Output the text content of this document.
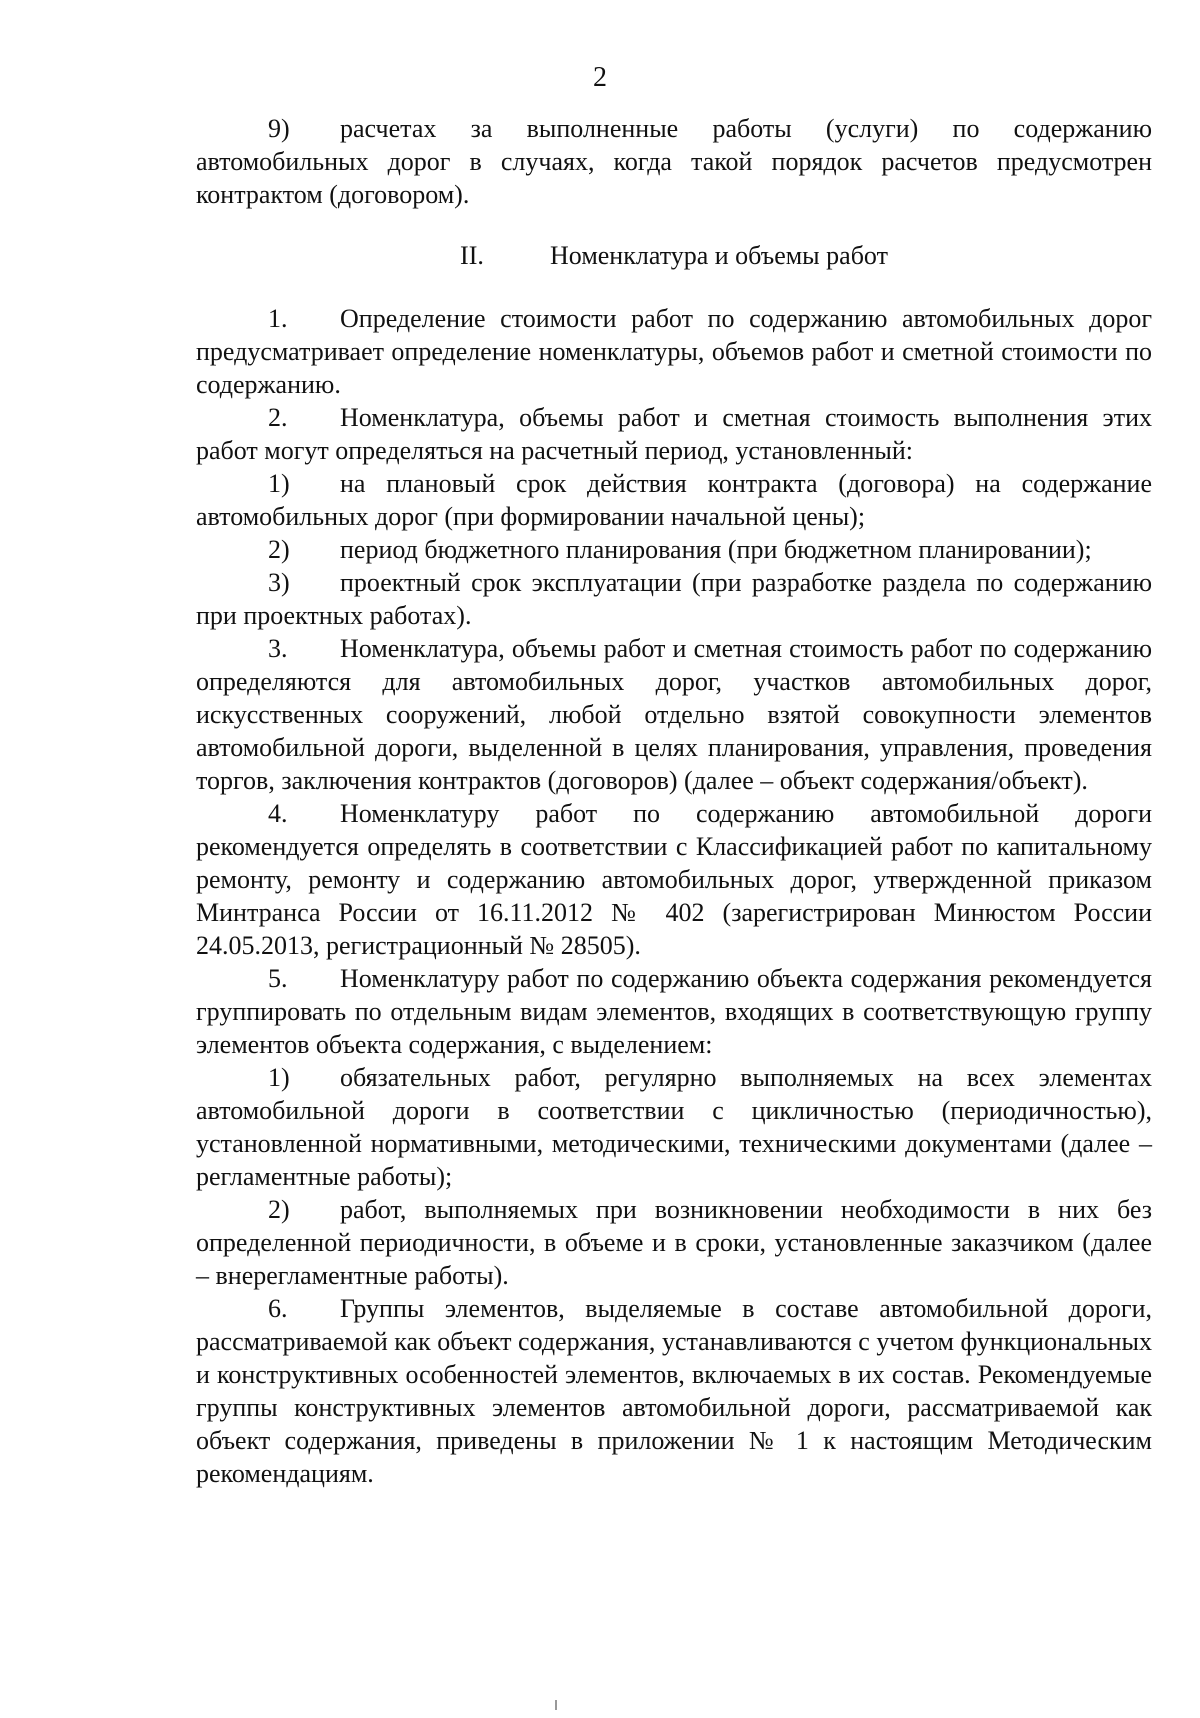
2

9) расчетах за выполненные работы (услуги) по содержанию автомобильных дорог в случаях, когда такой порядок расчетов предусмотрен контрактом (договором).

II.	Номенклатура и объемы работ

1. Определение стоимости работ по содержанию автомобильных дорог предусматривает определение номенклатуры, объемов работ и сметной стоимости по содержанию.

2. Номенклатура, объемы работ и сметная стоимость выполнения этих работ могут определяться на расчетный период, установленный:

1) на плановый срок действия контракта (договора) на содержание автомобильных дорог (при формировании начальной цены);

2) период бюджетного планирования (при бюджетном планировании);

3) проектный срок эксплуатации (при разработке раздела по содержанию при проектных работах).

3. Номенклатура, объемы работ и сметная стоимость работ по содержанию определяются для автомобильных дорог, участков автомобильных дорог, искусственных сооружений, любой отдельно взятой совокупности элементов автомобильной дороги, выделенной в целях планирования, управления, проведения торгов, заключения контрактов (договоров) (далее – объект содержания/объект).

4. Номенклатуру работ по содержанию автомобильной дороги рекомендуется определять в соответствии с Классификацией работ по капитальному ремонту, ремонту и содержанию автомобильных дорог, утвержденной приказом Минтранса России от 16.11.2012 № 402 (зарегистрирован Минюстом России 24.05.2013, регистрационный № 28505).

5. Номенклатуру работ по содержанию объекта содержания рекомендуется группировать по отдельным видам элементов, входящих в соответствующую группу элементов объекта содержания, с выделением:

1) обязательных работ, регулярно выполняемых на всех элементах автомобильной дороги в соответствии с цикличностью (периодичностью), установленной нормативными, методическими, техническими документами (далее – регламентные работы);

2) работ, выполняемых при возникновении необходимости в них без определенной периодичности, в объеме и в сроки, установленные заказчиком (далее – внерегламентные работы).

6. Группы элементов, выделяемые в составе автомобильной дороги, рассматриваемой как объект содержания, устанавливаются с учетом функциональных и конструктивных особенностей элементов, включаемых в их состав. Рекомендуемые группы конструктивных элементов автомобильной дороги, рассматриваемой как объект содержания, приведены в приложении № 1 к настоящим Методическим рекомендациям.
